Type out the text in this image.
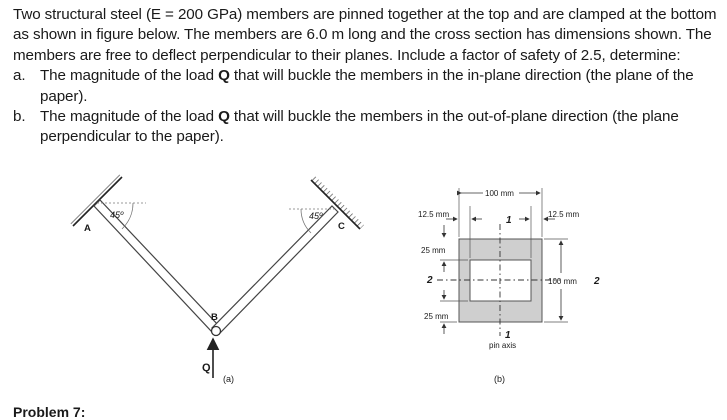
Two structural steel (E = 200 GPa) members are pinned together at the top and are clamped at the bottom as shown in figure below. The members are 6.0 m long and the cross section has dimensions shown. The members are free to deflect perpendicular to their planes. Include a factor of safety of 2.5, determine:

a. The magnitude of the load Q that will buckle the members in the in-plane direction (the plane of the paper).
b. The magnitude of the load Q that will buckle the members in the out-of-plane direction (the plane perpendicular to the paper).
45º	45º
A	C
B
Q
(a)
2	2
1
1
pin axis
100 mm
12.5 mm	12.5 mm
25 mm
25 mm
100 mm
(b)
Problem 7:
